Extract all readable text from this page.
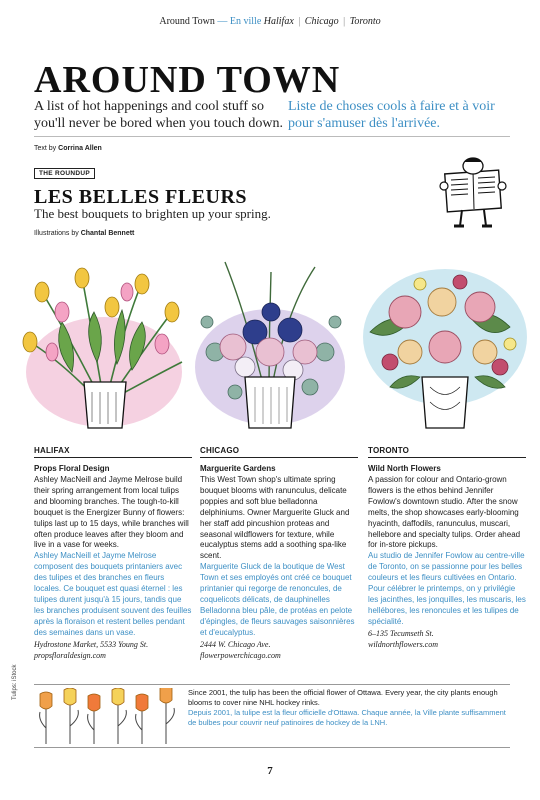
Around Town — En ville Halifax | Chicago | Toronto
AROUND TOWN

A list of hot happenings and cool stuff so you'll never be bored when you touch down.

Liste de choses cools à faire et à voir pour s'amuser dès l'arrivée.

Text by Corrina Allen
THE ROUNDUP
LES BELLES FLEURS

The best bouquets to brighten up your spring.

Illustrations by Chantal Bennett
HALIFAX
Props Floral Design

Ashley MacNeill and Jayme Melrose build their spring arrangement from local tulips and blooming branches. The tough-to-kill bouquet is the Energizer Bunny of flowers: tulips last up to 15 days, while branches will often produce leaves after they bloom and live in a vase for weeks.

Ashley MacNeill et Jayme Melrose composent des bouquets printaniers avec des tulipes et des branches en fleurs locales. Ce bouquet est quasi éternel : les tulipes durent jusqu'à 15 jours, tandis que les branches produisent souvent des feuilles après la floraison et restent belles pendant des semaines dans un vase.

Hydrostone Market, 5533 Young St.
propsfloraldesign.com
CHICAGO
Marguerite Gardens

This West Town shop's ultimate spring bouquet blooms with ranunculus, delicate poppies and soft blue belladonna delphiniums. Owner Marguerite Gluck and her staff add pincushion proteas and seasonal wildflowers for texture, while eucalyptus stems add a soothing spa-like scent.

Marguerite Gluck de la boutique de West Town et ses employés ont créé ce bouquet printanier qui regorge de renoncules, de coquelicots délicats, de dauphinelles Belladonna bleu pâle, de protéas en pelote d'épingles, de fleurs sauvages saisonnières et d'eucalyptus.

2444 W. Chicago Ave.
flowerpowerchicago.com
TORONTO
Wild North Flowers

A passion for colour and Ontario-grown flowers is the ethos behind Jennifer Fowlow's downtown studio. After the snow melts, the shop showcases early-blooming hyacinth, daffodils, ranunculus, muscari, hellebore and specialty tulips. Order ahead for in-store pickups.

Au studio de Jennifer Fowlow au centre-ville de Toronto, on se passionne pour les belles couleurs et les fleurs cultivées en Ontario. Pour célébrer le printemps, on y privilégie les jacinthes, les jonquilles, les muscaris, les hellébores, les renoncules et les tulipes de spécialité.

6–135 Tecumseth St.
wildnorthflowers.com
Tulips: iStock	Since 2001, the tulip has been the official flower of Ottawa. Every year, the city plants enough blooms to cover nine NHL hockey rinks.

Depuis 2001, la tulipe est la fleur officielle d'Ottawa. Chaque année, la Ville plante suffisamment de bulbes pour couvrir neuf patinoires de hockey de la LNH.

7
